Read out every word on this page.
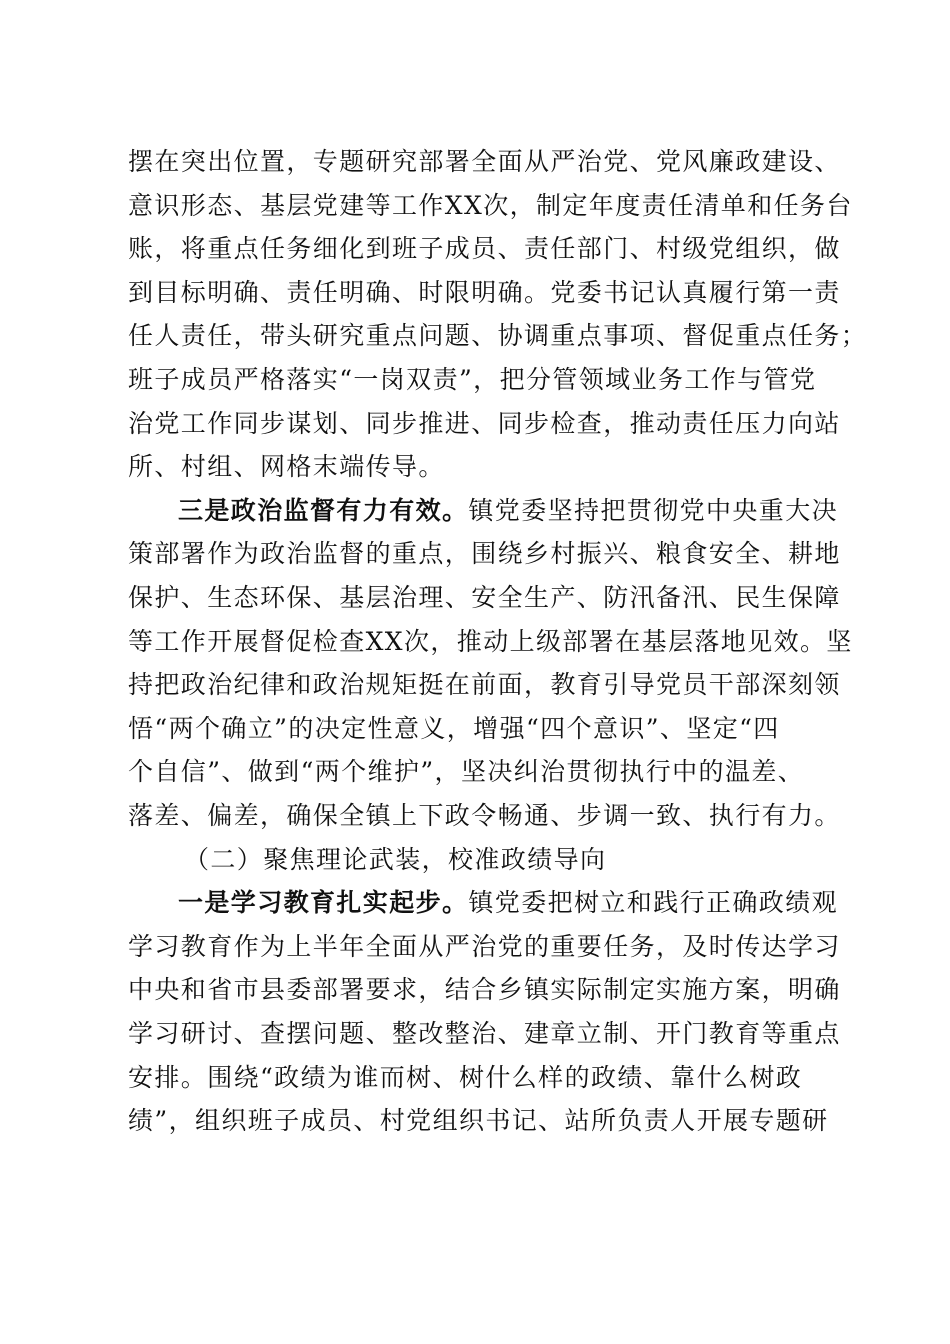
摆在突出位置，专题研究部署全面从严治党、党风廉政建设、
意识形态、基层党建等工作XX次，制定年度责任清单和任务台
账，将重点任务细化到班子成员、责任部门、村级党组织，做
到目标明确、责任明确、时限明确。党委书记认真履行第一责
任人责任，带头研究重点问题、协调重点事项、督促重点任务；
班子成员严格落实“一岗双责”，把分管领域业务工作与管党
治党工作同步谋划、同步推进、同步检查，推动责任压力向站
所、村组、网格末端传导。
三是政治监督有力有效。镇党委坚持把贯彻党中央重大决
策部署作为政治监督的重点，围绕乡村振兴、粮食安全、耕地
保护、生态环保、基层治理、安全生产、防汛备汛、民生保障
等工作开展督促检查XX次，推动上级部署在基层落地见效。坚
持把政治纪律和政治规矩挺在前面，教育引导党员干部深刻领
悟“两个确立”的决定性意义，增强“四个意识”、坚定“四
个自信”、做到“两个维护”，坚决纠治贯彻执行中的温差、
落差、偏差，确保全镇上下政令畅通、步调一致、执行有力。
（二）聚焦理论武装，校准政绩导向
一是学习教育扎实起步。镇党委把树立和践行正确政绩观
学习教育作为上半年全面从严治党的重要任务，及时传达学习
中央和省市县委部署要求，结合乡镇实际制定实施方案，明确
学习研讨、查摆问题、整改整治、建章立制、开门教育等重点
安排。围绕“政绩为谁而树、树什么样的政绩、靠什么树政
绩”，组织班子成员、村党组织书记、站所负责人开展专题研
